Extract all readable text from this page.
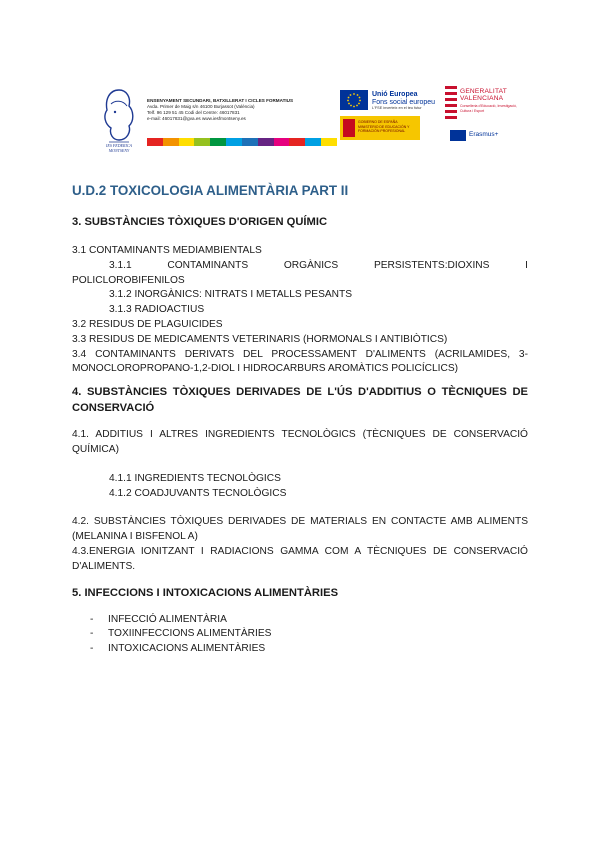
IES FEDERICA
MONTSENY
ENSENYAMENT SECUNDARI, BATXILLERAT I CICLES FORMATIUS
Avda. Primer de Maig s/n 46100 Burjassot (València)
Telf. 96 129 51 45 Codi del Centre: 46017831
e-mail: 46017831@gva.es www.iesfmontseny.es
Unió Europea
Fons social europeu
L'FSE inverteix en el teu futur
GOBIERNO DE ESPAÑA MINISTERIO DE EDUCACIÓN Y FORMACIÓN PROFESIONAL
GENERALITAT
VALENCIANA
Conselleria d'Educació, Investigació, Cultura i Esport
Erasmus+
U.D.2 TOXICOLOGIA ALIMENTÀRIA PART II
3. SUBSTÀNCIES TÒXIQUES D'ORIGEN QUÍMIC
3.1 CONTAMINANTS MEDIAMBIENTALS
3.1.1 CONTAMINANTS ORGÀNICS PERSISTENTS:DIOXINS I
POLICLOROBIFENILOS
3.1.2 INORGÀNICS: NITRATS I METALLS PESANTS
3.1.3 RADIOACTIUS
3.2 RESIDUS DE PLAGUICIDES
3.3 RESIDUS DE MEDICAMENTS VETERINARIS (HORMONALS I ANTIBIÒTICS)
3.4 CONTAMINANTS DERIVATS DEL PROCESSAMENT D'ALIMENTS (ACRILAMIDES, 3-MONOCLOROPROPANO-1,2-DIOL I HIDROCARBURS AROMÀTICS POLICÍCLICS)
4. SUBSTÀNCIES TÒXIQUES DERIVADES DE L'ÚS D'ADDITIUS O TÈCNIQUES DE CONSERVACIÓ
4.1. ADDITIUS I ALTRES INGREDIENTS TECNOLÒGICS (TÈCNIQUES DE CONSERVACIÓ QUÍMICA)
4.1.1 INGREDIENTS TECNOLÒGICS
4.1.2 COADJUVANTS TECNOLÒGICS
4.2. SUBSTÀNCIES TÒXIQUES DERIVADES DE MATERIALS EN CONTACTE AMB ALIMENTS (MELANINA I BISFENOL A)
4.3.ENERGIA IONITZANT I RADIACIONS GAMMA COM A TÈCNIQUES DE CONSERVACIÓ D'ALIMENTS.
5. INFECCIONS I INTOXICACIONS ALIMENTÀRIES
- INFECCIÓ ALIMENTÀRIA
- TOXIINFECCIONS ALIMENTÀRIES
- INTOXICACIONS ALIMENTÀRIES
